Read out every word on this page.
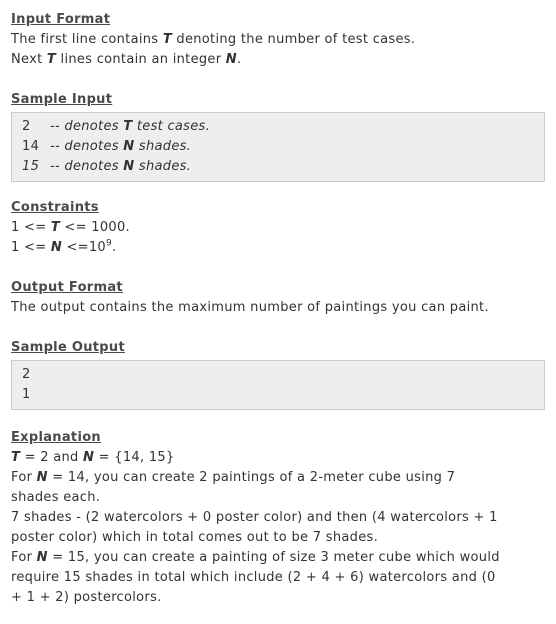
Input Format
The first line contains T denoting the number of test cases.
Next T lines contain an integer N.
Sample Input
2 -- denotes T test cases.
14 -- denotes N shades.
15 -- denotes N shades.
Constraints
1 <= T <= 1000.
$1 <= N <=10^9$.
Output Format
The output contains the maximum number of paintings you can paint.
Sample Output
2
1
Explanation
T = 2 and N = {14, 15}
For N = 14, you can create 2 paintings of a 2-meter cube using 7
shades each.
7 shades - (2 watercolors + 0 poster color) and then (4 watercolors + 1
poster color) which in total comes out to be 7 shades.
For N = 15, you can create a painting of size 3 meter cube which would
require 15 shades in total which include (2 + 4 + 6) watercolors and (0
+ 1 + 2) postercolors.
